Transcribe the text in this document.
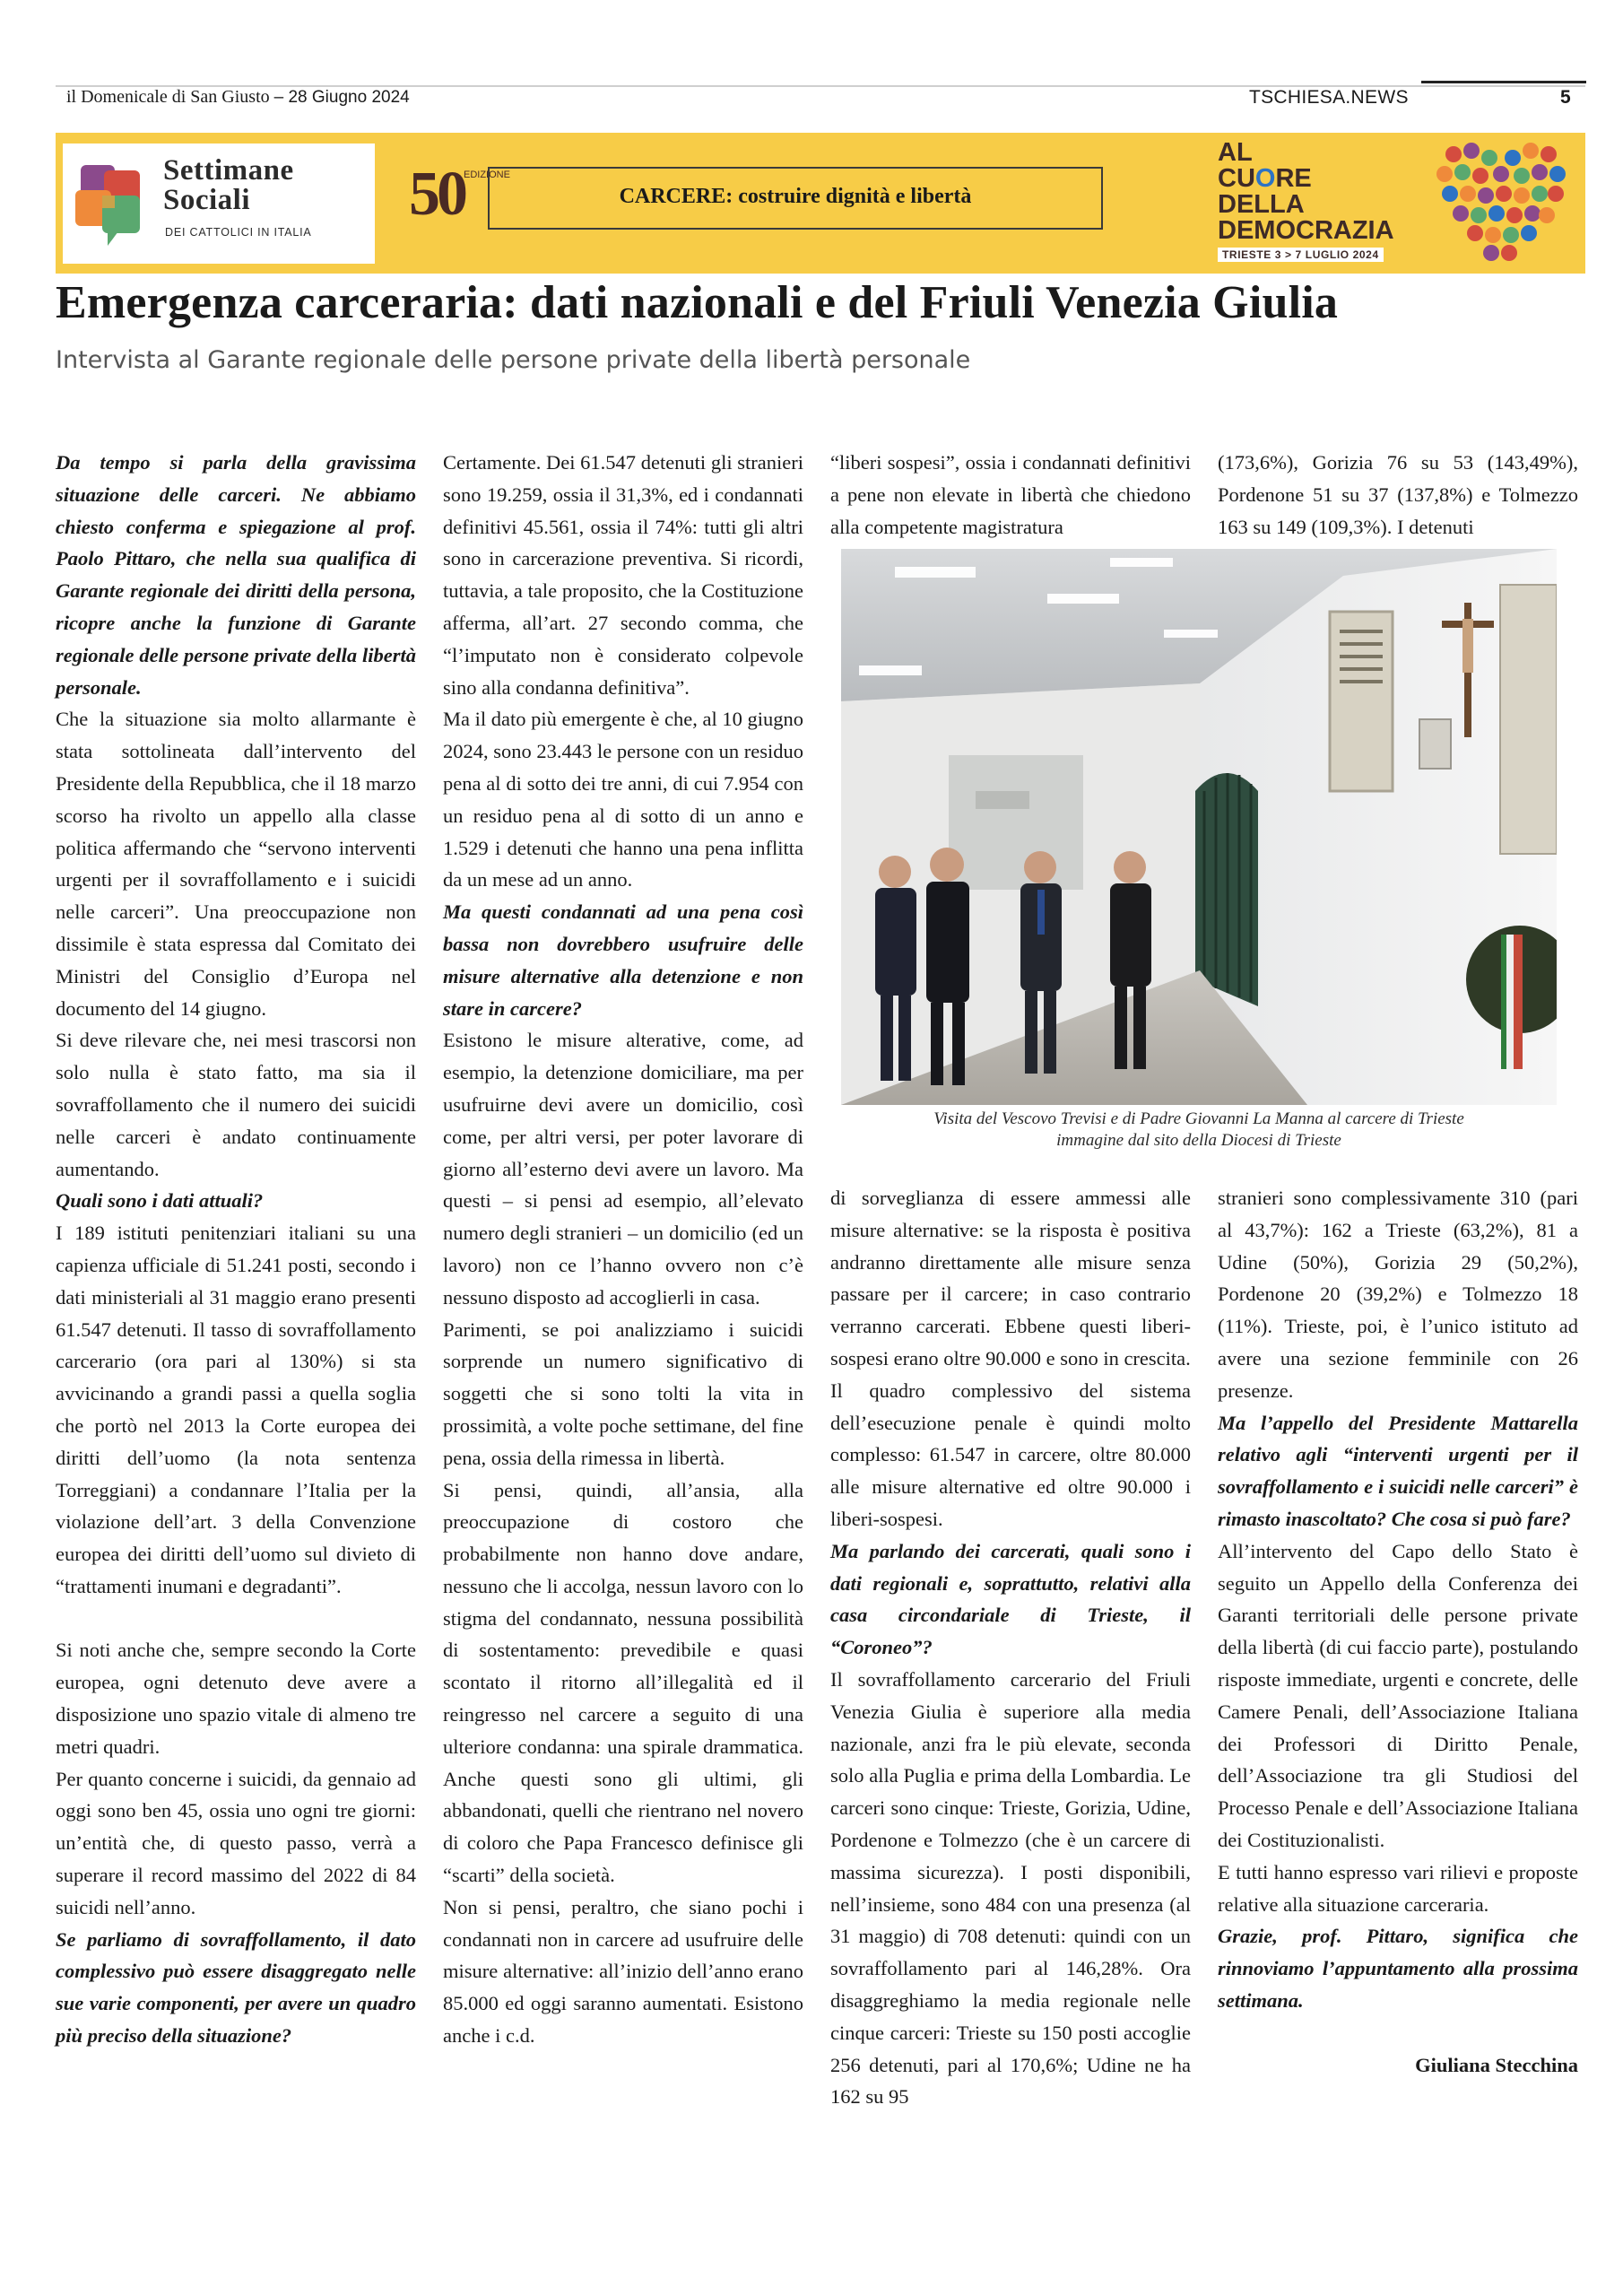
il Domenicale di San Giusto – 28 Giugno 2024	TSCHIESA.NEWS	5
Settimane
Sociali
DEI CATTOLICI IN ITALIA
50 EDIZIONE
CARCERE: costruire dignità e libertà
AL
CUORE
DELLA
DEMOCRAZIA
TRIESTE 3 > 7 LUGLIO 2024
Emergenza carceraria: dati nazionali e del Friuli Venezia Giulia
Intervista al Garante regionale delle persone private della libertà personale

Da tempo si parla della gravissima situazione delle carceri. Ne abbiamo chiesto conferma e spiegazione al prof. Paolo Pittaro, che nella sua qualifica di Garante regionale dei diritti della persona, ricopre anche la funzione di Garante regionale delle persone private della libertà personale.

Che la situazione sia molto allarmante è stata sottolineata dall’intervento del Presidente della Repubblica, che il 18 marzo scorso ha rivolto un appello alla classe politica affermando che “servono interventi urgenti per il sovraffollamento e i suicidi nelle carceri”. Una preoccupazione non dissimile è stata espressa dal Comitato dei Ministri del Consiglio d’Europa nel documento del 14 giugno.

Si deve rilevare che, nei mesi trascorsi non solo nulla è stato fatto, ma sia il sovraffollamento che il numero dei suicidi nelle carceri è andato continuamente aumentando.

Quali sono i dati attuali?

I 189 istituti penitenziari italiani su una capienza ufficiale di 51.241 posti, secondo i dati ministeriali al 31 maggio erano presenti 61.547 detenuti. Il tasso di sovraffollamento carcerario (ora pari al 130%) si sta avvicinando a grandi passi a quella soglia che portò nel 2013 la Corte europea dei diritti dell’uomo (la nota sentenza Torreggiani) a condannare l’Italia per la violazione dell’art. 3 della Convenzione europea dei diritti dell’uomo sul divieto di “trattamenti inumani e degradanti”.

Si noti anche che, sempre secondo la Corte europea, ogni detenuto deve avere a disposizione uno spazio vitale di almeno tre metri quadri.

Per quanto concerne i suicidi, da gennaio ad oggi sono ben 45, ossia uno ogni tre giorni: un’entità che, di questo passo, verrà a superare il record massimo del 2022 di 84 suicidi nell’anno.

Se parliamo di sovraffollamento, il dato complessivo può essere disaggregato nelle sue varie componenti, per avere un quadro più preciso della situazione?

Certamente. Dei 61.547 detenuti gli stranieri sono 19.259, ossia il 31,3%, ed i condannati definitivi 45.561, ossia il 74%: tutti gli altri sono in carcerazione preventiva. Si ricordi, tuttavia, a tale proposito, che la Costituzione afferma, all’art. 27 secondo comma, che “l’imputato non è considerato colpevole sino alla condanna definitiva”.

Ma il dato più emergente è che, al 10 giugno 2024, sono 23.443 le persone con un residuo pena al di sotto dei tre anni, di cui 7.954 con un residuo pena al di sotto di un anno e 1.529 i detenuti che hanno una pena inflitta da un mese ad un anno.

Ma questi condannati ad una pena così bassa non dovrebbero usufruire delle misure alternative alla detenzione e non stare in carcere?

Esistono le misure alterative, come, ad esempio, la detenzione domiciliare, ma per usufruirne devi avere un domicilio, così come, per altri versi, per poter lavorare di giorno all’esterno devi avere un lavoro. Ma questi – si pensi ad esempio, all’elevato numero degli stranieri – un domicilio (ed un lavoro) non ce l’hanno ovvero non c’è nessuno disposto ad accoglierli in casa.

Parimenti, se poi analizziamo i suicidi sorprende un numero significativo di soggetti che si sono tolti la vita in prossimità, a volte poche settimane, del fine pena, ossia della rimessa in libertà.

Si pensi, quindi, all’ansia, alla preoccupazione di costoro che probabilmente non hanno dove andare, nessuno che li accolga, nessun lavoro con lo stigma del condannato, nessuna possibilità di sostentamento: prevedibile e quasi scontato il ritorno all’illegalità ed il reingresso nel carcere a seguito di una ulteriore condanna: una spirale drammatica. Anche questi sono gli ultimi, gli abbandonati, quelli che rientrano nel novero di coloro che Papa Francesco definisce gli “scarti” della società.

Non si pensi, peraltro, che siano pochi i condannati non in carcere ad usufruire delle misure alternative: all’inizio dell’anno erano 85.000 ed oggi saranno aumentati. Esistono anche i c.d.

“liberi sospesi”, ossia i condannati definitivi a pene non elevate in libertà che chiedono alla competente magistratura

(173,6%), Gorizia 76 su 53 (143,49%), Pordenone 51 su 37 (137,8%) e Tolmezzo 163 su 149 (109,3%). I detenuti

Visita del Vescovo Trevisi e di Padre Giovanni La Manna al carcere di Trieste
immagine dal sito della Diocesi di Trieste

di sorveglianza di essere ammessi alle misure alternative: se la risposta è positiva andranno direttamente alle misure senza passare per il carcere; in caso contrario verranno carcerati. Ebbene questi liberi-sospesi erano oltre 90.000 e sono in crescita.

Il quadro complessivo del sistema dell’esecuzione penale è quindi molto complesso: 61.547 in carcere, oltre 80.000 alle misure alternative ed oltre 90.000 i liberi-sospesi.

Ma parlando dei carcerati, quali sono i dati regionali e, soprattutto, relativi alla casa circondariale di Trieste, il “Coroneo”?

Il sovraffollamento carcerario del Friuli Venezia Giulia è superiore alla media nazionale, anzi fra le più elevate, seconda solo alla Puglia e prima della Lombardia. Le carceri sono cinque: Trieste, Gorizia, Udine, Pordenone e Tolmezzo (che è un carcere di massima sicurezza). I posti disponibili, nell’insieme, sono 484 con una presenza (al 31 maggio) di 708 detenuti: quindi con un sovraffollamento pari al 146,28%. Ora disaggreghiamo la media regionale nelle cinque carceri: Trieste su 150 posti accoglie 256 detenuti, pari al 170,6%; Udine ne ha 162 su 95

stranieri sono complessivamente 310 (pari al 43,7%): 162 a Trieste (63,2%), 81 a Udine (50%), Gorizia 29 (50,2%), Pordenone 20 (39,2%) e Tolmezzo 18 (11%). Trieste, poi, è l’unico istituto ad avere una sezione femminile con 26 presenze.

Ma l’appello del Presidente Mattarella relativo agli “interventi urgenti per il sovraffollamento e i suicidi nelle carceri” è rimasto inascoltato? Che cosa si può fare?

All’intervento del Capo dello Stato è seguito un Appello della Conferenza dei Garanti territoriali delle persone private della libertà (di cui faccio parte), postulando risposte immediate, urgenti e concrete, delle Camere Penali, dell’Associazione Italiana dei Professori di Diritto Penale, dell’Associazione tra gli Studiosi del Processo Penale e dell’Associazione Italiana dei Costituzionalisti.

E tutti hanno espresso vari rilievi e proposte relative alla situazione carceraria.

Grazie, prof. Pittaro, significa che rinnoviamo l’appuntamento alla prossima settimana.

Giuliana Stecchina
